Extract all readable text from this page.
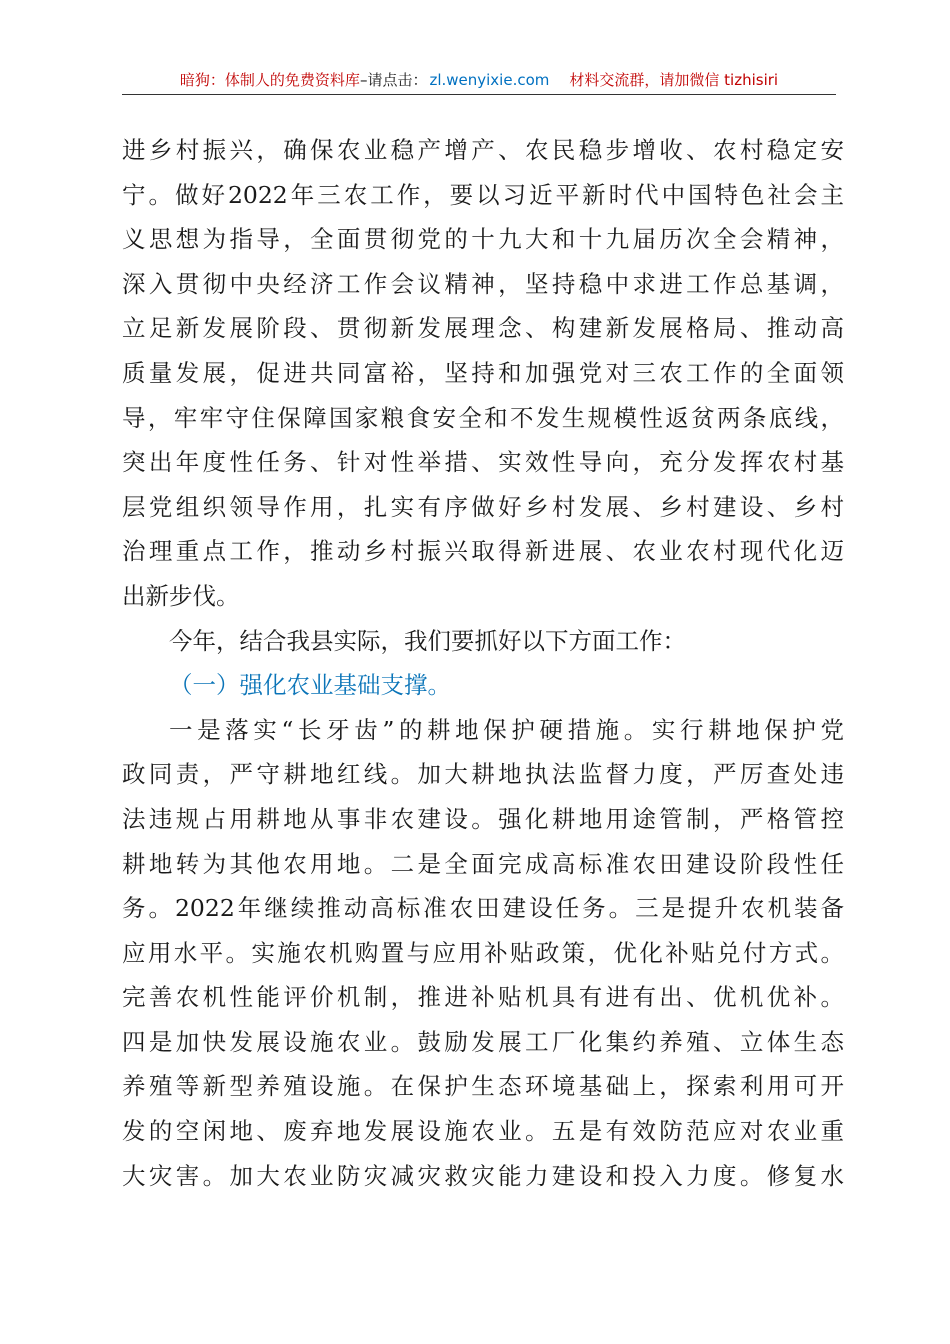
暗狗：体制人的免费资料库–请点击： zl.wenyixie.com 材料交流群，请加微信 tizhisiri
进乡村振兴，确保农业稳产增产、农民稳步增收、农村稳定安
宁。做好2022年三农工作，要以习近平新时代中国特色社会主
义思想为指导，全面贯彻党的十九大和十九届历次全会精神，
深入贯彻中央经济工作会议精神，坚持稳中求进工作总基调，
立足新发展阶段、贯彻新发展理念、构建新发展格局、推动高
质量发展，促进共同富裕，坚持和加强党对三农工作的全面领
导，牢牢守住保障国家粮食安全和不发生规模性返贫两条底线，
突出年度性任务、针对性举措、实效性导向，充分发挥农村基
层党组织领导作用，扎实有序做好乡村发展、乡村建设、乡村
治理重点工作，推动乡村振兴取得新进展、农业农村现代化迈
出新步伐。
今年，结合我县实际，我们要抓好以下方面工作：
（一）强化农业基础支撑。
一是落实“长牙齿”的耕地保护硬措施。实行耕地保护党
政同责，严守耕地红线。加大耕地执法监督力度，严厉查处违
法违规占用耕地从事非农建设。强化耕地用途管制，严格管控
耕地转为其他农用地。二是全面完成高标准农田建设阶段性任
务。2022年继续推动高标准农田建设任务。三是提升农机装备
应用水平。实施农机购置与应用补贴政策，优化补贴兑付方式。
完善农机性能评价机制，推进补贴机具有进有出、优机优补。
四是加快发展设施农业。鼓励发展工厂化集约养殖、立体生态
养殖等新型养殖设施。在保护生态环境基础上，探索利用可开
发的空闲地、废弃地发展设施农业。五是有效防范应对农业重
大灾害。加大农业防灾减灾救灾能力建设和投入力度。修复水
